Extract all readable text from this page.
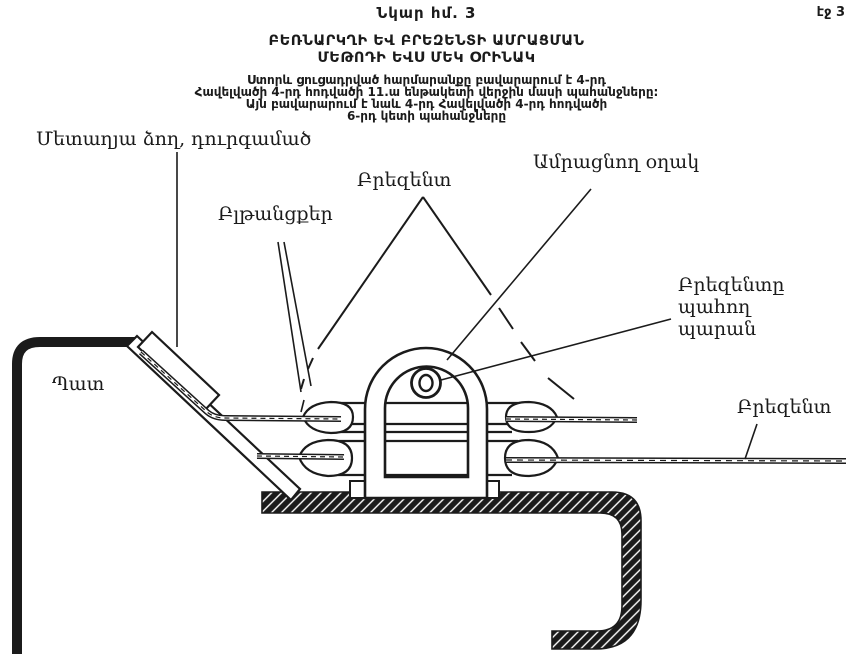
Նկար հմ. 3	էջ 3
ԲԵՌՆԱՐԿՂԻ ԵՎ ԲՐԵԶԵՆՏԻ ԱՄՐԱՑՄԱՆ
ՄԵԹՈԴԻ ԵՎՍ ՄԵԿ ՕՐԻՆԱԿ
Ստորև ցուցադրված հարմարանքը բավարարում է 4-րդ
Հավելվածի 4-րդ հոդվածի 11.ա ենթակետի վերջին մասի պահանջները:
Այն բավարարում է նաև 4-րդ Հավելվածի 4-րդ հոդվածի
6-րդ կետի պահանջները
Մետաղյա ձող, դուրգամած
Բլթանցքեր
Բրեզենտ
Ամրացնող օղակ
Բրեզենտը
պահող
պարան
Բրեզենտ
Պատ
